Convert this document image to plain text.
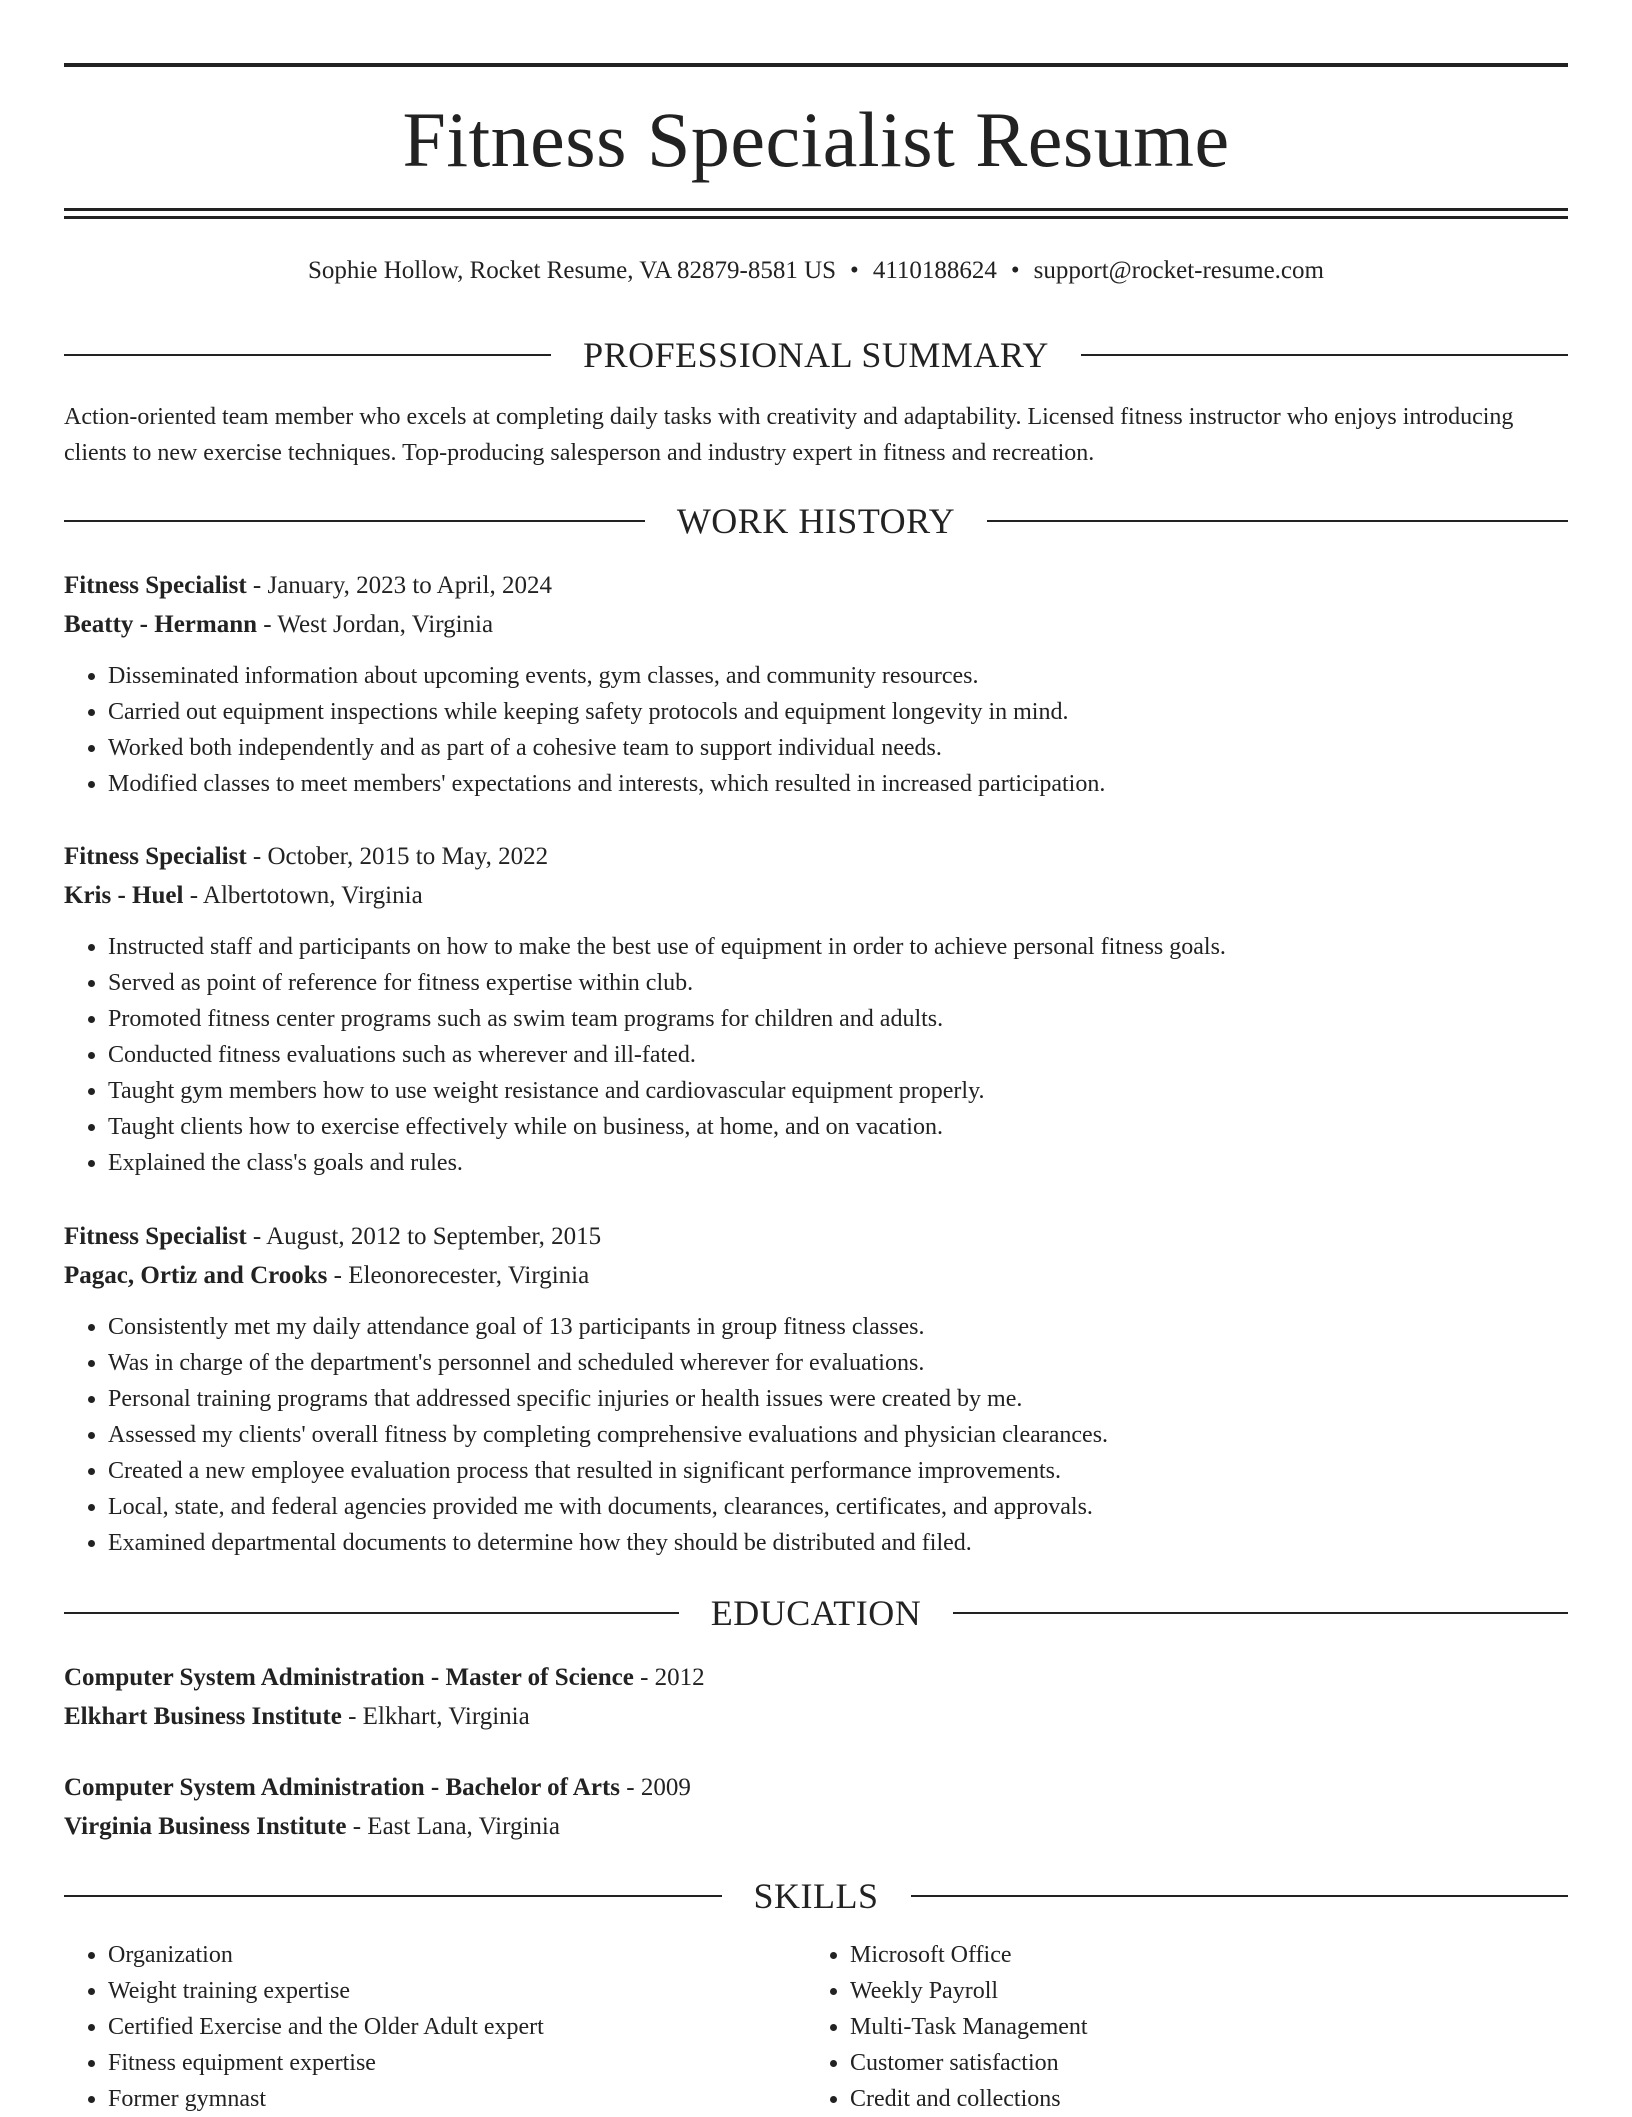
Fitness Specialist Resume
Sophie Hollow, Rocket Resume, VA 82879-8581 US • 4110188624 • support@rocket-resume.com
PROFESSIONAL SUMMARY

Action-oriented team member who excels at completing daily tasks with creativity and adaptability. Licensed fitness instructor who enjoys introducing clients to new exercise techniques. Top-producing salesperson and industry expert in fitness and recreation.

WORK HISTORY
Fitness Specialist - January, 2023 to April, 2024
Beatty - Hermann - West Jordan, Virginia
• Disseminated information about upcoming events, gym classes, and community resources.
• Carried out equipment inspections while keeping safety protocols and equipment longevity in mind.
• Worked both independently and as part of a cohesive team to support individual needs.
• Modified classes to meet members' expectations and interests, which resulted in increased participation.
Fitness Specialist - October, 2015 to May, 2022
Kris - Huel - Albertotown, Virginia
• Instructed staff and participants on how to make the best use of equipment in order to achieve personal fitness goals.
• Served as point of reference for fitness expertise within club.
• Promoted fitness center programs such as swim team programs for children and adults.
• Conducted fitness evaluations such as wherever and ill-fated.
• Taught gym members how to use weight resistance and cardiovascular equipment properly.
• Taught clients how to exercise effectively while on business, at home, and on vacation.
• Explained the class's goals and rules.
Fitness Specialist - August, 2012 to September, 2015
Pagac, Ortiz and Crooks - Eleonorecester, Virginia
• Consistently met my daily attendance goal of 13 participants in group fitness classes.
• Was in charge of the department's personnel and scheduled wherever for evaluations.
• Personal training programs that addressed specific injuries or health issues were created by me.
• Assessed my clients' overall fitness by completing comprehensive evaluations and physician clearances.
• Created a new employee evaluation process that resulted in significant performance improvements.
• Local, state, and federal agencies provided me with documents, clearances, certificates, and approvals.
• Examined departmental documents to determine how they should be distributed and filed.
EDUCATION
Computer System Administration - Master of Science - 2012
Elkhart Business Institute - Elkhart, Virginia
Computer System Administration - Bachelor of Arts - 2009
Virginia Business Institute - East Lana, Virginia
SKILLS
• Organization
• Weight training expertise
• Certified Exercise and the Older Adult expert
• Fitness equipment expertise
• Former gymnast
• Microsoft Office
• Weekly Payroll
• Multi-Task Management
• Customer satisfaction
• Credit and collections
